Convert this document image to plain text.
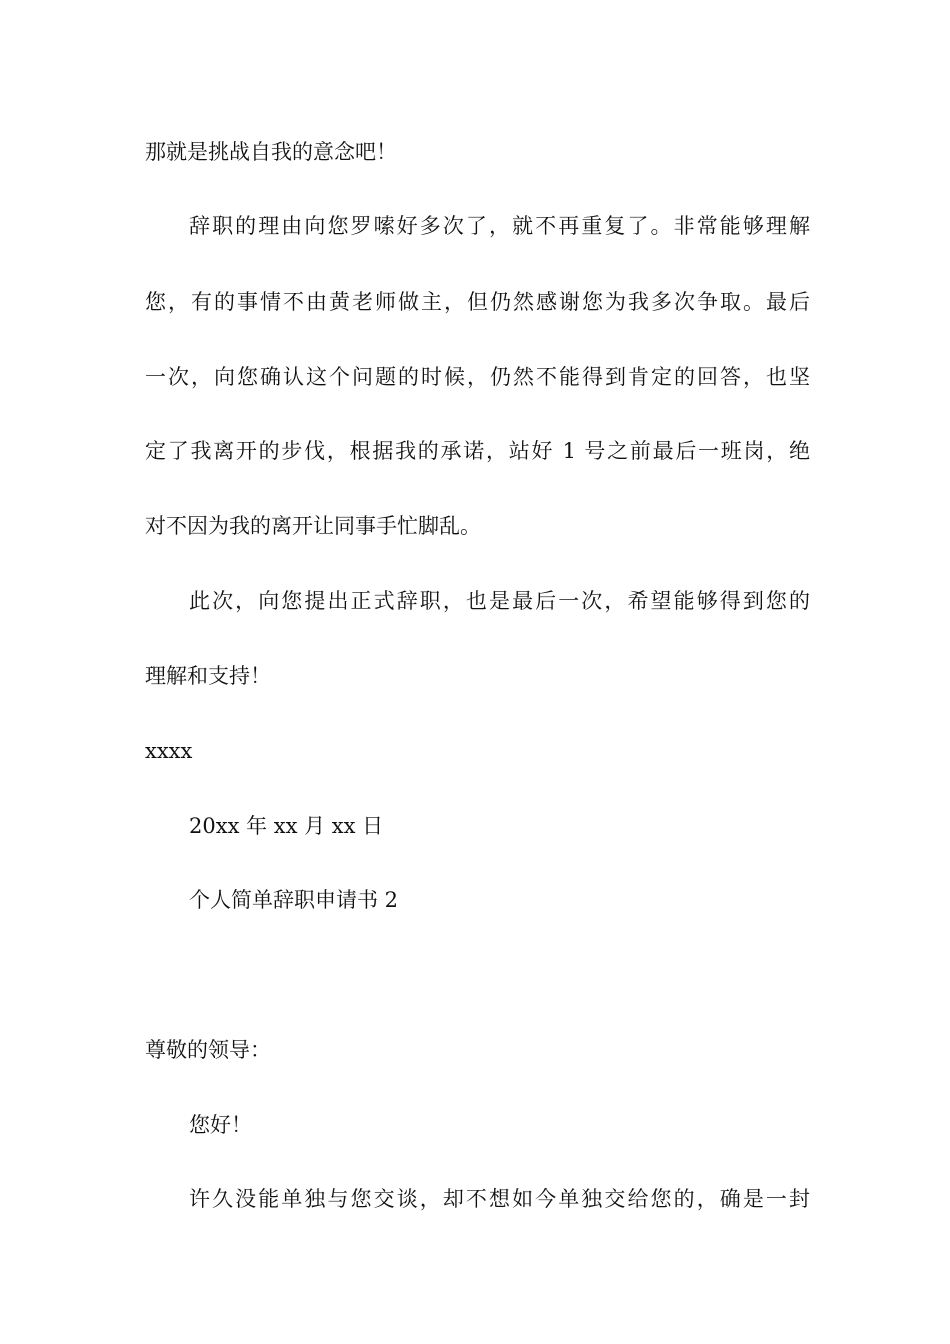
那就是挑战自我的意念吧！

辞职的理由向您罗嗦好多次了，就不再重复了。非常能够理解

您，有的事情不由黄老师做主，但仍然感谢您为我多次争取。最后

一次，向您确认这个问题的时候，仍然不能得到肯定的回答，也坚

定了我离开的步伐，根据我的承诺，站好 1 号之前最后一班岗，绝

对不因为我的离开让同事手忙脚乱。

此次，向您提出正式辞职，也是最后一次，希望能够得到您的

理解和支持！

xxxx

20xx 年 xx 月 xx 日

个人简单辞职申请书 2

尊敬的领导：

您好！

许久没能单独与您交谈，却不想如今单独交给您的，确是一封
